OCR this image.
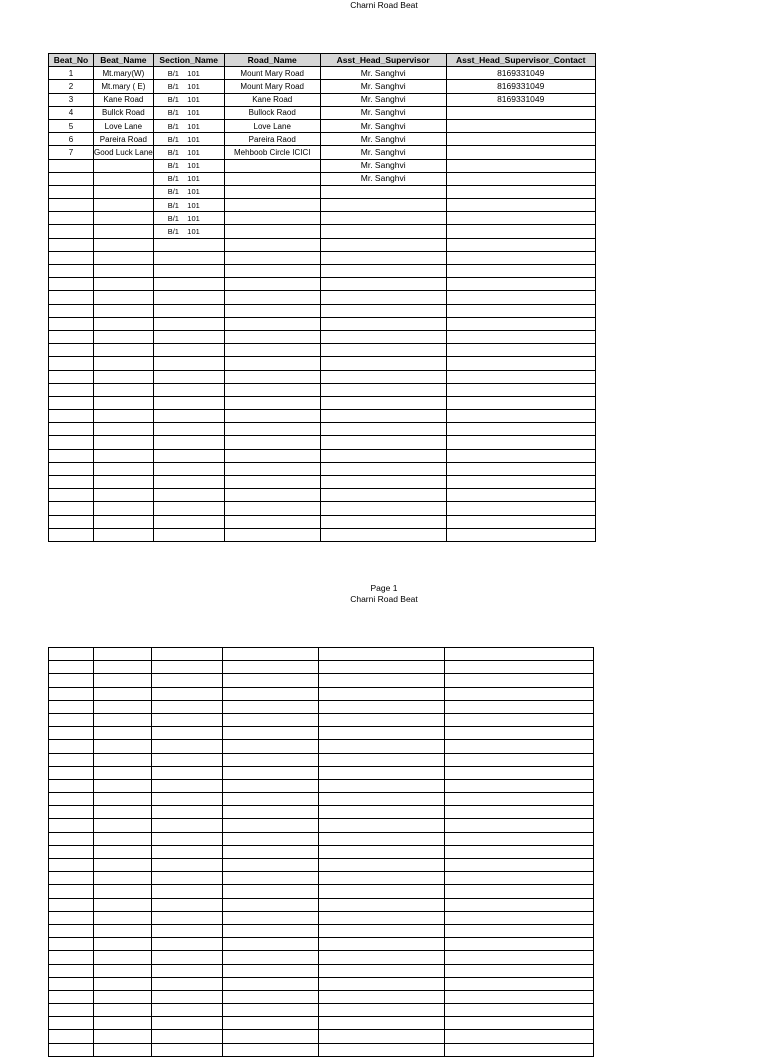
Charni Road Beat
Beat_No	Beat_Name	Section_Name	Road_Name	Asst_Head_Supervisor	Asst_Head_Supervisor_Contact
1	Mt.mary(W)	B/1    101	Mount Mary Road	Mr. Sanghvi	8169331049
2	Mt.mary ( E)	B/1    101	Mount Mary Road	Mr. Sanghvi	8169331049
3	Kane Road	B/1    101	Kane Road	Mr. Sanghvi	8169331049
4	Bullck Road	B/1    101	Bullock Raod	Mr. Sanghvi	
5	Love Lane	B/1    101	Love Lane	Mr. Sanghvi	
6	Pareira Road	B/1    101	Pareira Raod	Mr. Sanghvi	
7	Good Luck Lane	B/1    101	Mehboob Circle ICICI	Mr. Sanghvi	
		B/1    101		Mr. Sanghvi	
		B/1    101		Mr. Sanghvi	
		B/1    101			
		B/1    101			
		B/1    101			
		B/1    101			

Page 1
Charni Road Beat
